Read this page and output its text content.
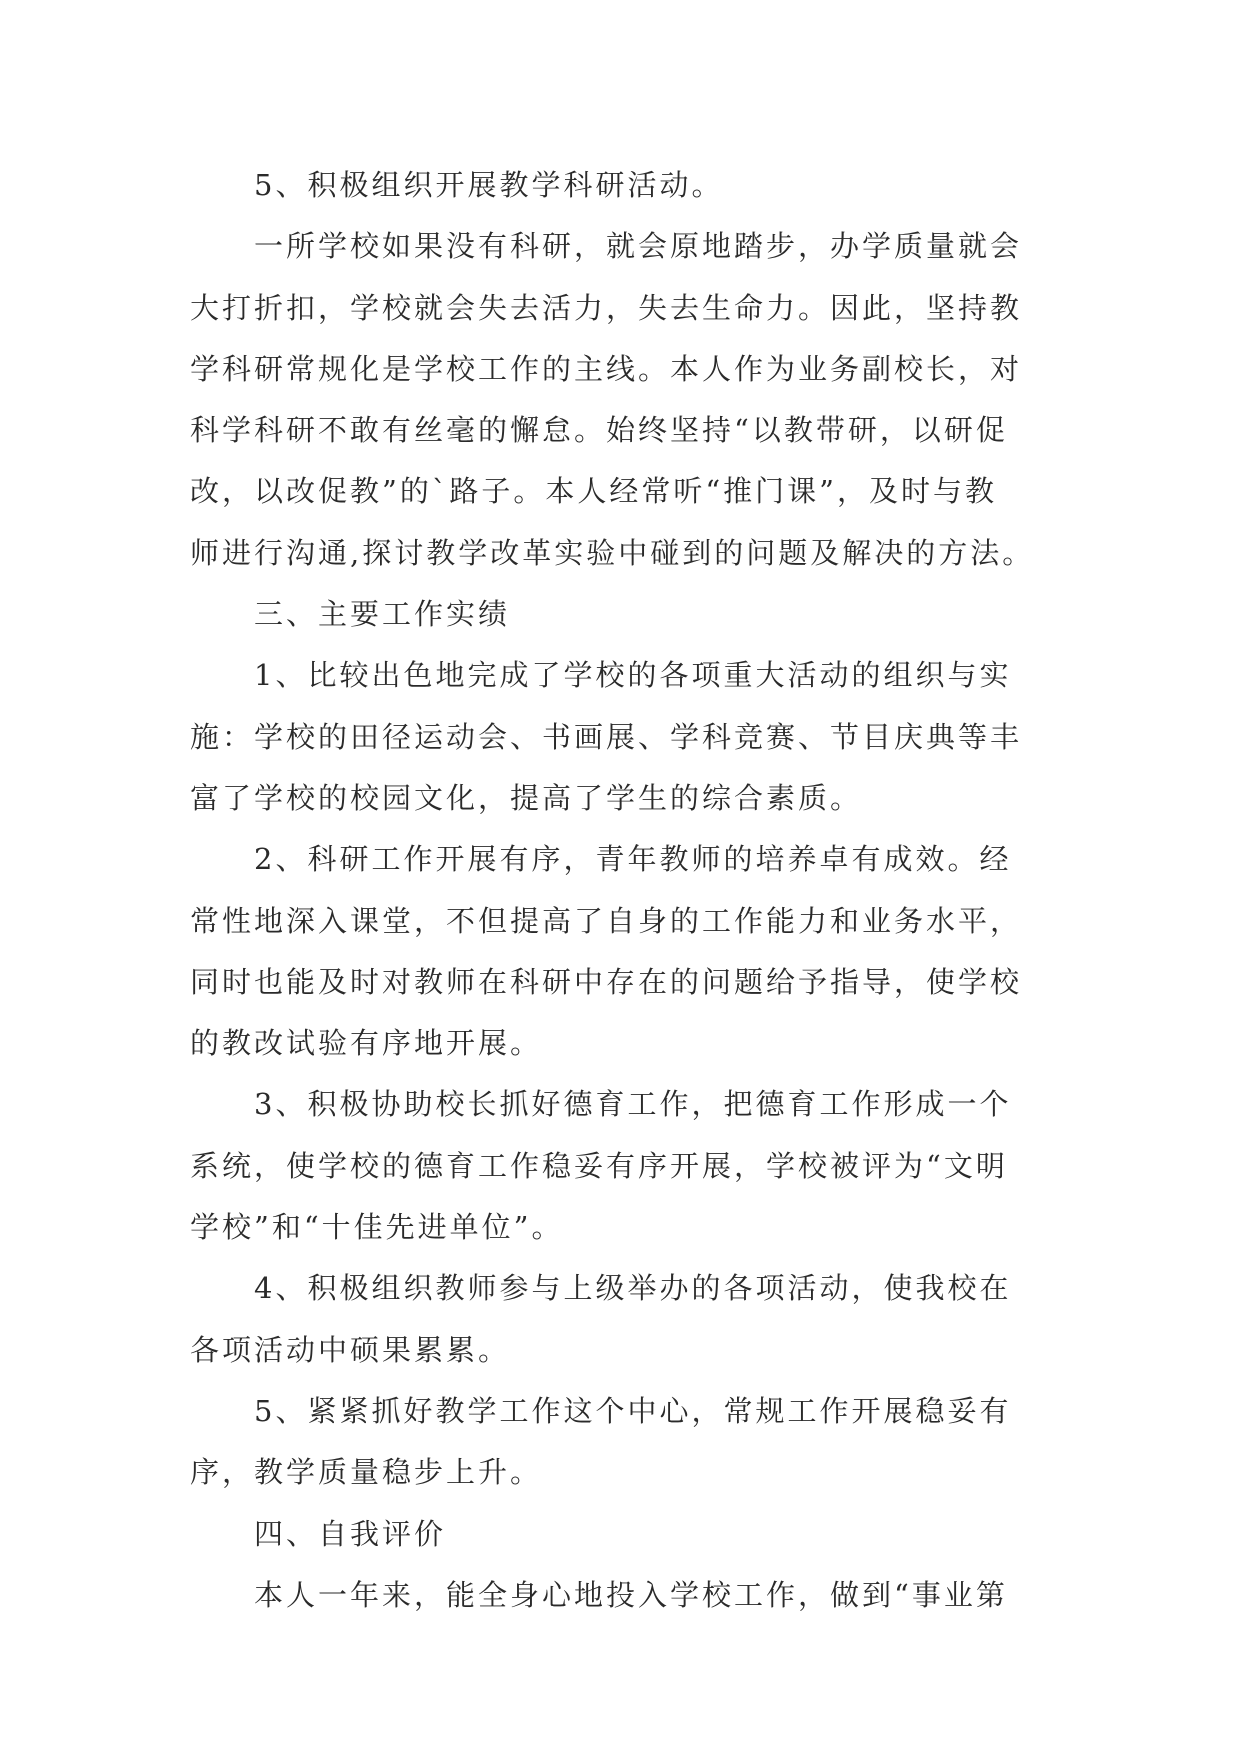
5、积极组织开展教学科研活动。
一所学校如果没有科研，就会原地踏步，办学质量就会
大打折扣，学校就会失去活力，失去生命力。因此，坚持教
学科研常规化是学校工作的主线。本人作为业务副校长，对
科学科研不敢有丝毫的懈怠。始终坚持“以教带研，以研促
改，以改促教”的`路子。本人经常听“推门课”，及时与教
师进行沟通,探讨教学改革实验中碰到的问题及解决的方法。
三、主要工作实绩
1、比较出色地完成了学校的各项重大活动的组织与实
施：学校的田径运动会、书画展、学科竞赛、节目庆典等丰
富了学校的校园文化，提高了学生的综合素质。
2、科研工作开展有序，青年教师的培养卓有成效。经
常性地深入课堂，不但提高了自身的工作能力和业务水平，
同时也能及时对教师在科研中存在的问题给予指导，使学校
的教改试验有序地开展。
3、积极协助校长抓好德育工作，把德育工作形成一个
系统，使学校的德育工作稳妥有序开展，学校被评为“文明
学校”和“十佳先进单位”。
4、积极组织教师参与上级举办的各项活动，使我校在
各项活动中硕果累累。
5、紧紧抓好教学工作这个中心，常规工作开展稳妥有
序，教学质量稳步上升。
四、自我评价
本人一年来，能全身心地投入学校工作，做到“事业第
